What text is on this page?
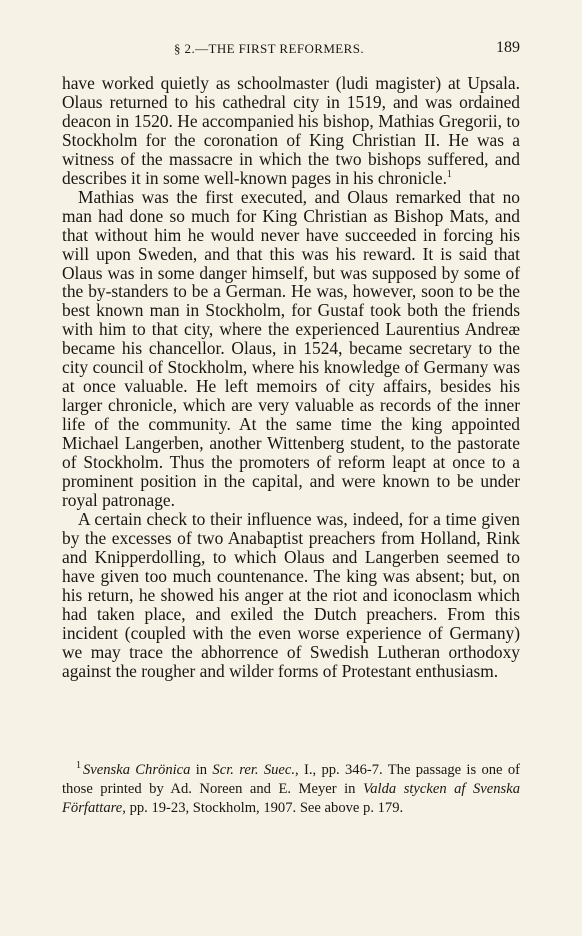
§ 2.—THE FIRST REFORMERS.	189

have worked quietly as schoolmaster (ludi magister) at Upsala. Olaus returned to his cathedral city in 1519, and was ordained deacon in 1520. He accompanied his bishop, Mathias Gregorii, to Stockholm for the coronation of King Christian II. He was a witness of the massacre in which the two bishops suffered, and describes it in some well-known pages in his chronicle.$^1$

Mathias was the first executed, and Olaus remarked that no man had done so much for King Christian as Bishop Mats, and that without him he would never have succeeded in forcing his will upon Sweden, and that this was his reward. It is said that Olaus was in some danger himself, but was supposed by some of the by-standers to be a German. He was, however, soon to be the best known man in Stockholm, for Gustaf took both the friends with him to that city, where the experienced Laurentius Andreæ became his chancellor. Olaus, in 1524, became secretary to the city council of Stockholm, where his knowledge of Germany was at once valuable. He left memoirs of city affairs, besides his larger chronicle, which are very valuable as records of the inner life of the community. At the same time the king appointed Michael Langerben, another Wittenberg student, to the pastorate of Stockholm. Thus the promoters of reform leapt at once to a prominent position in the capital, and were known to be under royal patronage.

A certain check to their influence was, indeed, for a time given by the excesses of two Anabaptist preachers from Holland, Rink and Knipperdolling, to which Olaus and Langerben seemed to have given too much countenance. The king was absent; but, on his return, he showed his anger at the riot and iconoclasm which had taken place, and exiled the Dutch preachers. From this incident (coupled with the even worse experience of Germany) we may trace the abhorrence of Swedish Lutheran orthodoxy against the rougher and wilder forms of Protestant enthusiasm.

$^1$ Svenska Chrönica in Scr. rer. Suec., I., pp. 346-7. The passage is one of those printed by Ad. Noreen and E. Meyer in Valda stycken af Svenska Författare, pp. 19-23, Stockholm, 1907. See above p. 179.
